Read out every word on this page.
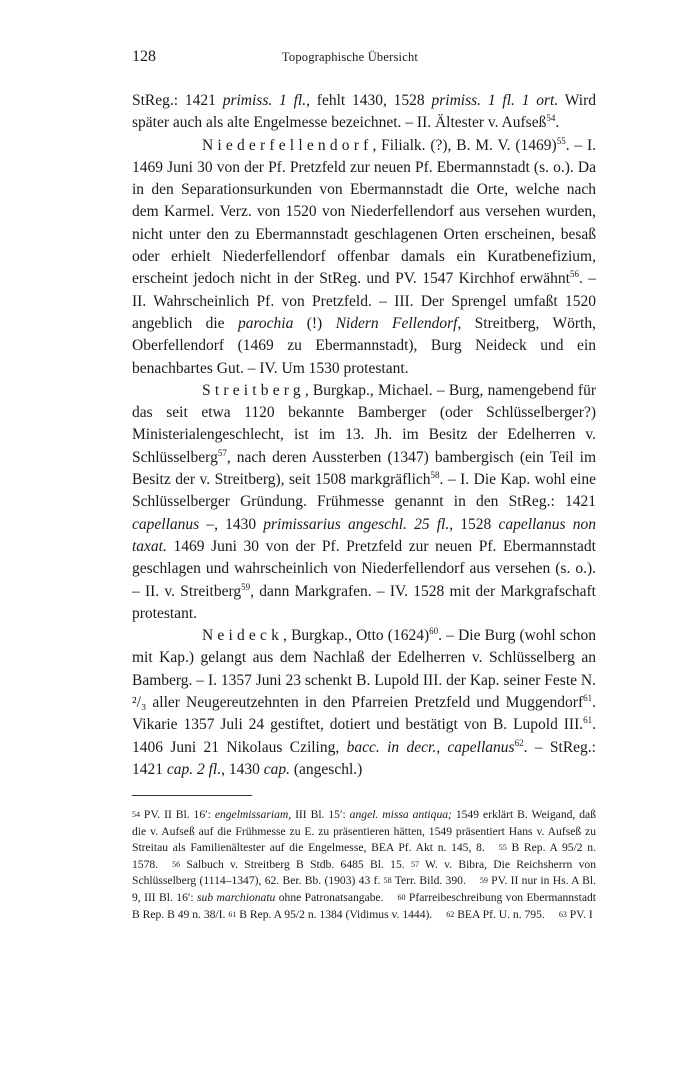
128	Topographische Übersicht

StReg.: 1421 primiss. 1 fl., fehlt 1430, 1528 primiss. 1 fl. 1 ort. Wird später auch als alte Engelmesse bezeichnet. – II. Ältester v. Aufseß$^{54}$.

Niederfellendorf, Filialk. (?), B. M. V. $(1469)^{55}$. – I. 1469 Juni 30 von der Pf. Pretzfeld zur neuen Pf. Ebermannstadt (s. o.). Da in den Separationsurkunden von Ebermannstadt die Orte, welche nach dem Karmel. Verz. von 1520 von Niederfellendorf aus versehen wurden, nicht unter den zu Ebermannstadt geschlagenen Orten erscheinen, besaß oder erhielt Niederfellendorf offenbar damals ein Kuratbenefizium, erscheint jedoch nicht in der StReg. und PV. 1547 Kirchhof erwähnt$^{56}$. – II. Wahrscheinlich Pf. von Pretzfeld. – III. Der Sprengel umfaßt 1520 angeblich die parochia (!) Nidern Fellendorf, Streitberg, Wörth, Oberfellendorf (1469 zu Ebermannstadt), Burg Neideck und ein benachbartes Gut. – IV. Um 1530 protestant.

Streitberg, Burgkap., Michael. – Burg, namengebend für das seit etwa 1120 bekannte Bamberger (oder Schlüsselberger?) Ministerialengeschlecht, ist im 13. Jh. im Besitz der Edelherren v. Schlüsselberg$^{57}$, nach deren Aussterben (1347) bambergisch (ein Teil im Besitz der v. Streitberg), seit 1508 markgräflich$^{58}$. – I. Die Kap. wohl eine Schlüsselberger Gründung. Frühmesse genannt in den StReg.: 1421 capellanus –, 1430 primissarius angeschl. 25 fl., 1528 capellanus non taxat. 1469 Juni 30 von der Pf. Pretzfeld zur neuen Pf. Ebermannstadt geschlagen und wahrscheinlich von Niederfellendorf aus versehen (s. o.). – II. v. Streitberg$^{59}$, dann Markgrafen. – IV. 1528 mit der Markgrafschaft protestant.

Neideck, Burgkap., Otto $(1624)^{60}$. – Die Burg (wohl schon mit Kap.) gelangt aus dem Nachlaß der Edelherren v. Schlüsselberg an Bamberg. – I. 1357 Juni 23 schenkt B. Lupold III. der Kap. seiner Feste N. ²/₃ aller Neugereutzehnten in den Pfarreien Pretzfeld und Muggendorf$^{61}$. Vikarie 1357 Juli 24 gestiftet, dotiert und bestätigt von B. Lupold III.$^{61}$. 1406 Juni 21 Nikolaus Cziling, bacc. in decr., capellanus$^{62}$. – StReg.: 1421 cap. 2 fl., 1430 cap. (angeschl.)

54 PV. II Bl. 16′: engelmissariam, III Bl. 15′: angel. missa antiqua; 1549 erklärt B. Weigand, daß die v. Aufseß auf die Frühmesse zu E. zu präsentieren hätten, 1549 präsentiert Hans v. Aufseß zu Streitau als Familienältester auf die Engelmesse, BEA Pf. Akt n. 145, 8. 55 B Rep. A 95/2 n. 1578. 56 Salbuch v. Streitberg B Stdb. 6485 Bl. 15. 57 W. v. Bibra, Die Reichsherrn von Schlüsselberg (1114–1347), 62. Ber. Bb. (1903) 43 f. 58 Terr. Bild. 390. 59 PV. II nur in Hs. A Bl. 9, III Bl. 16′: sub marchionatu ohne Patronatsangabe. 60 Pfarreibeschreibung von Ebermannstadt B Rep. B 49 n. 38/I. 61 B Rep. A 95/2 n. 1384 (Vidimus v. 1444). 62 BEA Pf. U. n. 795. 63 PV. I
